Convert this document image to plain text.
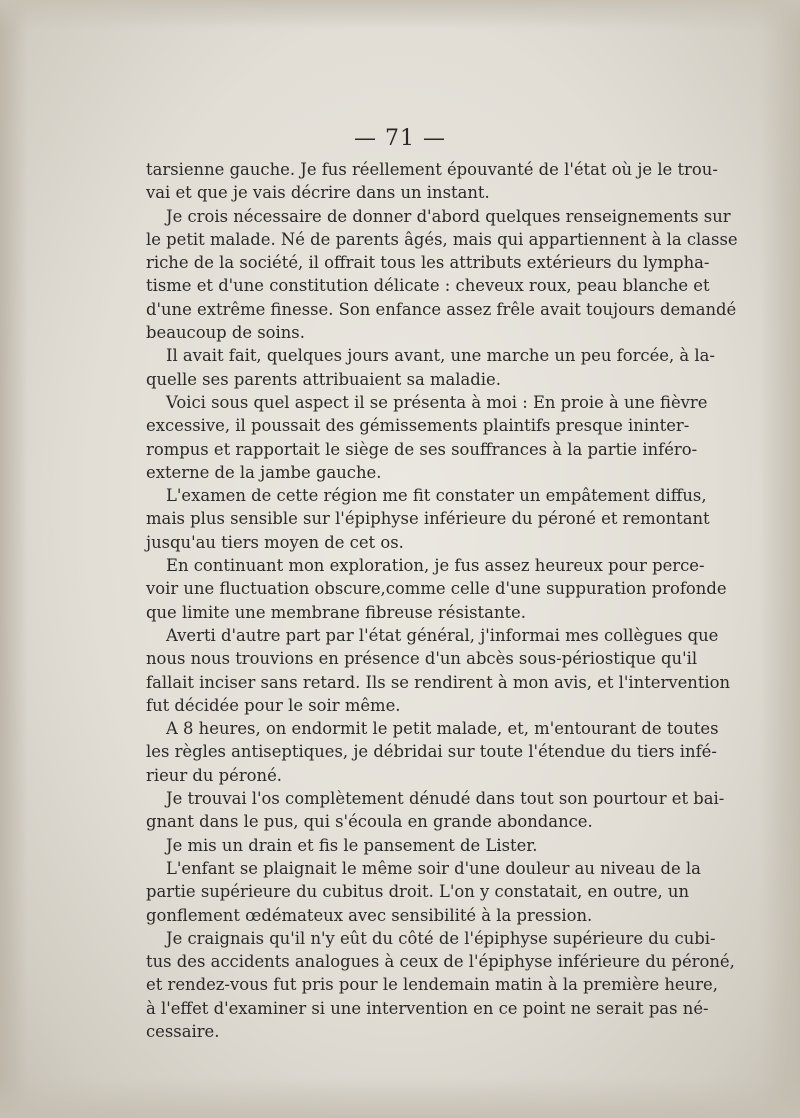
— 71 —
tarsienne gauche. Je fus réellement épouvanté de l'état où je le trou-
vai et que je vais décrire dans un instant.
Je crois nécessaire de donner d'abord quelques renseignements sur
le petit malade. Né de parents âgés, mais qui appartiennent à la classe
riche de la société, il offrait tous les attributs extérieurs du lympha-
tisme et d'une constitution délicate : cheveux roux, peau blanche et
d'une extrême finesse. Son enfance assez frêle avait toujours demandé
beaucoup de soins.
Il avait fait, quelques jours avant, une marche un peu forcée, à la-
quelle ses parents attribuaient sa maladie.
Voici sous quel aspect il se présenta à moi : En proie à une fièvre
excessive, il poussait des gémissements plaintifs presque ininter-
rompus et rapportait le siège de ses souffrances à la partie inféro-
externe de la jambe gauche.
L'examen de cette région me fit constater un empâtement diffus,
mais plus sensible sur l'épiphyse inférieure du péroné et remontant
jusqu'au tiers moyen de cet os.
En continuant mon exploration, je fus assez heureux pour perce-
voir une fluctuation obscure,comme celle d'une suppuration profonde
que limite une membrane fibreuse résistante.
Averti d'autre part par l'état général, j'informai mes collègues que
nous nous trouvions en présence d'un abcès sous-périostique qu'il
fallait inciser sans retard. Ils se rendirent à mon avis, et l'intervention
fut décidée pour le soir même.
A 8 heures, on endormit le petit malade, et, m'entourant de toutes
les règles antiseptiques, je débridai sur toute l'étendue du tiers infé-
rieur du péroné.
Je trouvai l'os complètement dénudé dans tout son pourtour et bai-
gnant dans le pus, qui s'écoula en grande abondance.
Je mis un drain et fis le pansement de Lister.
L'enfant se plaignait le même soir d'une douleur au niveau de la
partie supérieure du cubitus droit. L'on y constatait, en outre, un
gonflement œdémateux avec sensibilité à la pression.
Je craignais qu'il n'y eût du côté de l'épiphyse supérieure du cubi-
tus des accidents analogues à ceux de l'épiphyse inférieure du péroné,
et rendez-vous fut pris pour le lendemain matin à la première heure,
à l'effet d'examiner si une intervention en ce point ne serait pas né-
cessaire.
